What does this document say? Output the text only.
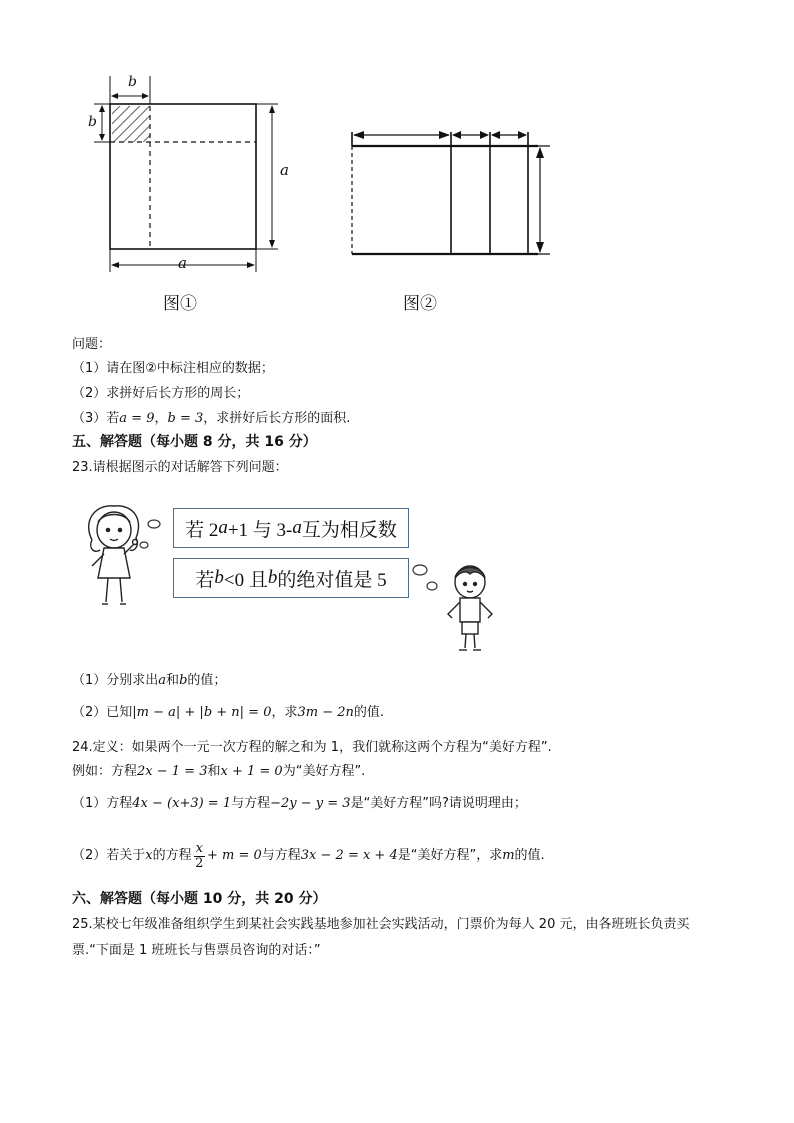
b
b
a
a
图①	图②
问题：
（1）请在图②中标注相应的数据；
（2）求拼好后长方形的周长；
（3）若a = 9，b = 3，求拼好后长方形的面积.
五、解答题（每小题 8 分，共 16 分）
23.请根据图示的对话解答下列问题：
若 2 a +1 与 3- a 互为相反数
若 b <0 且 b 的绝对值是 5
（1）分别求出a和b的值；
（2）已知|m − a| + |b + n| = 0，求3m − 2n的值.
24.定义：如果两个一元一次方程的解之和为 1，我们就称这两个方程为“美好方程”.
例如：方程2x − 1 = 3和x + 1 = 0为“美好方程”.
（1）方程4x − (x+3) = 1与方程−2y − y = 3是“美好方程”吗?请说明理由；
（2）若关于 x 的方程 x
2 + m = 0 与方程 3x − 2 = x + 4 是“美好方程”，求 m 的值.
六、解答题（每小题 10 分，共 20 分）
25.某校七年级准备组织学生到某社会实践基地参加社会实践活动，门票价为每人 20 元，由各班班长负责买
票.“下面是 1 班班长与售票员咨询的对话：”
